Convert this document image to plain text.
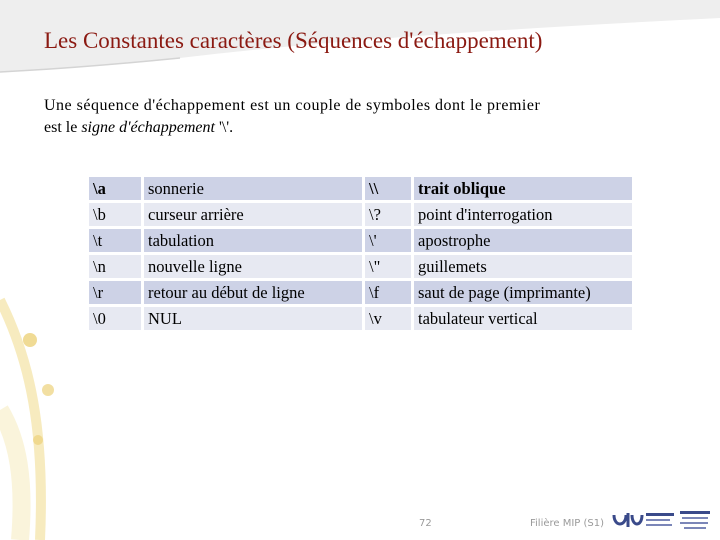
Les Constantes caractères (Séquences d'échappement)
Une séquence d'échappement est un couple de symboles dont le premier
est le signe d'échappement '\'.
\a	sonnerie	\\	trait oblique
\b	curseur arrière	\?	point d'interrogation
\t	tabulation	\'	apostrophe
\n	nouvelle ligne	\"	guillemets
\r	retour au début de ligne	\f	saut de page (imprimante)
\0	NUL	\v	tabulateur vertical
72	Filière MIP (S1)
